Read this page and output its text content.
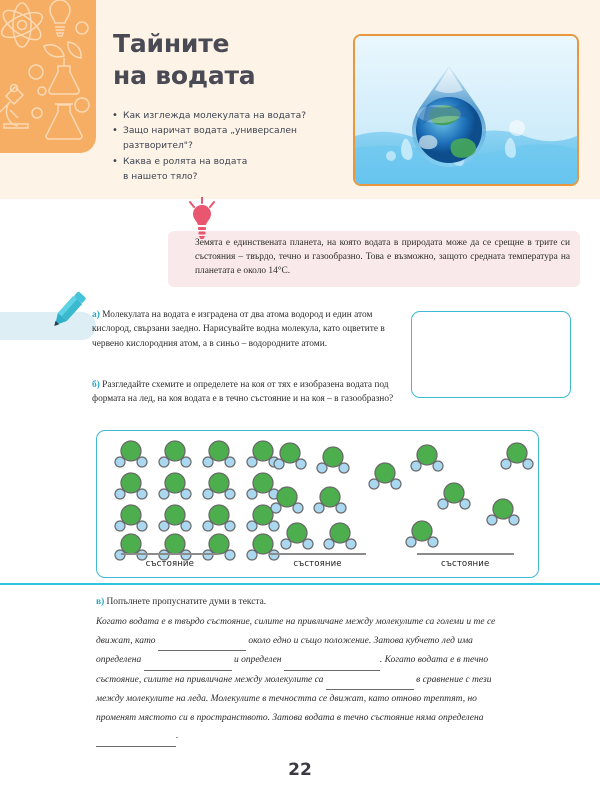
Тайните
на водата
• Как изглежда молекулата на водата?
• Защо наричат водата „универсален
разтворител"?
• Каква е ролята на водата
в нашето тяло?
Земята е единствената планета, на която водата в природата може да се срещне в трите си състояния – твърдо, течно и газообразно. Това е възможно, защото средната температура на планетата е около 14°C.
а) Молекулата на водата е изградена от два атома водород и един атом кислород, свързани заедно. Нарисувайте водна молекула, като оцветите в червено кислородния атом, а в синьо – водородните атоми.
б) Разгледайте схемите и определете на коя от тях е изобразена водата под формата на лед, на коя водата е в течно състояние и на коя – в газообразно?
състояние	състояние	състояние
в) Попълнете пропуснатите думи в текста.
Когато водата е в твърдо състояние, силите на привличане между молекулите са големи и те се движат, като	около едно и също положение. Затова кубчето лед има определена	и определен	. Когато водата е в течно състояние, силите на привличане между молекулите са	в сравнение с тези между молекулите на леда. Молекулите в течността се движат, като отново трептят, но променят мястото си в пространството. Затова водата в течно състояние няма определена  .
22
